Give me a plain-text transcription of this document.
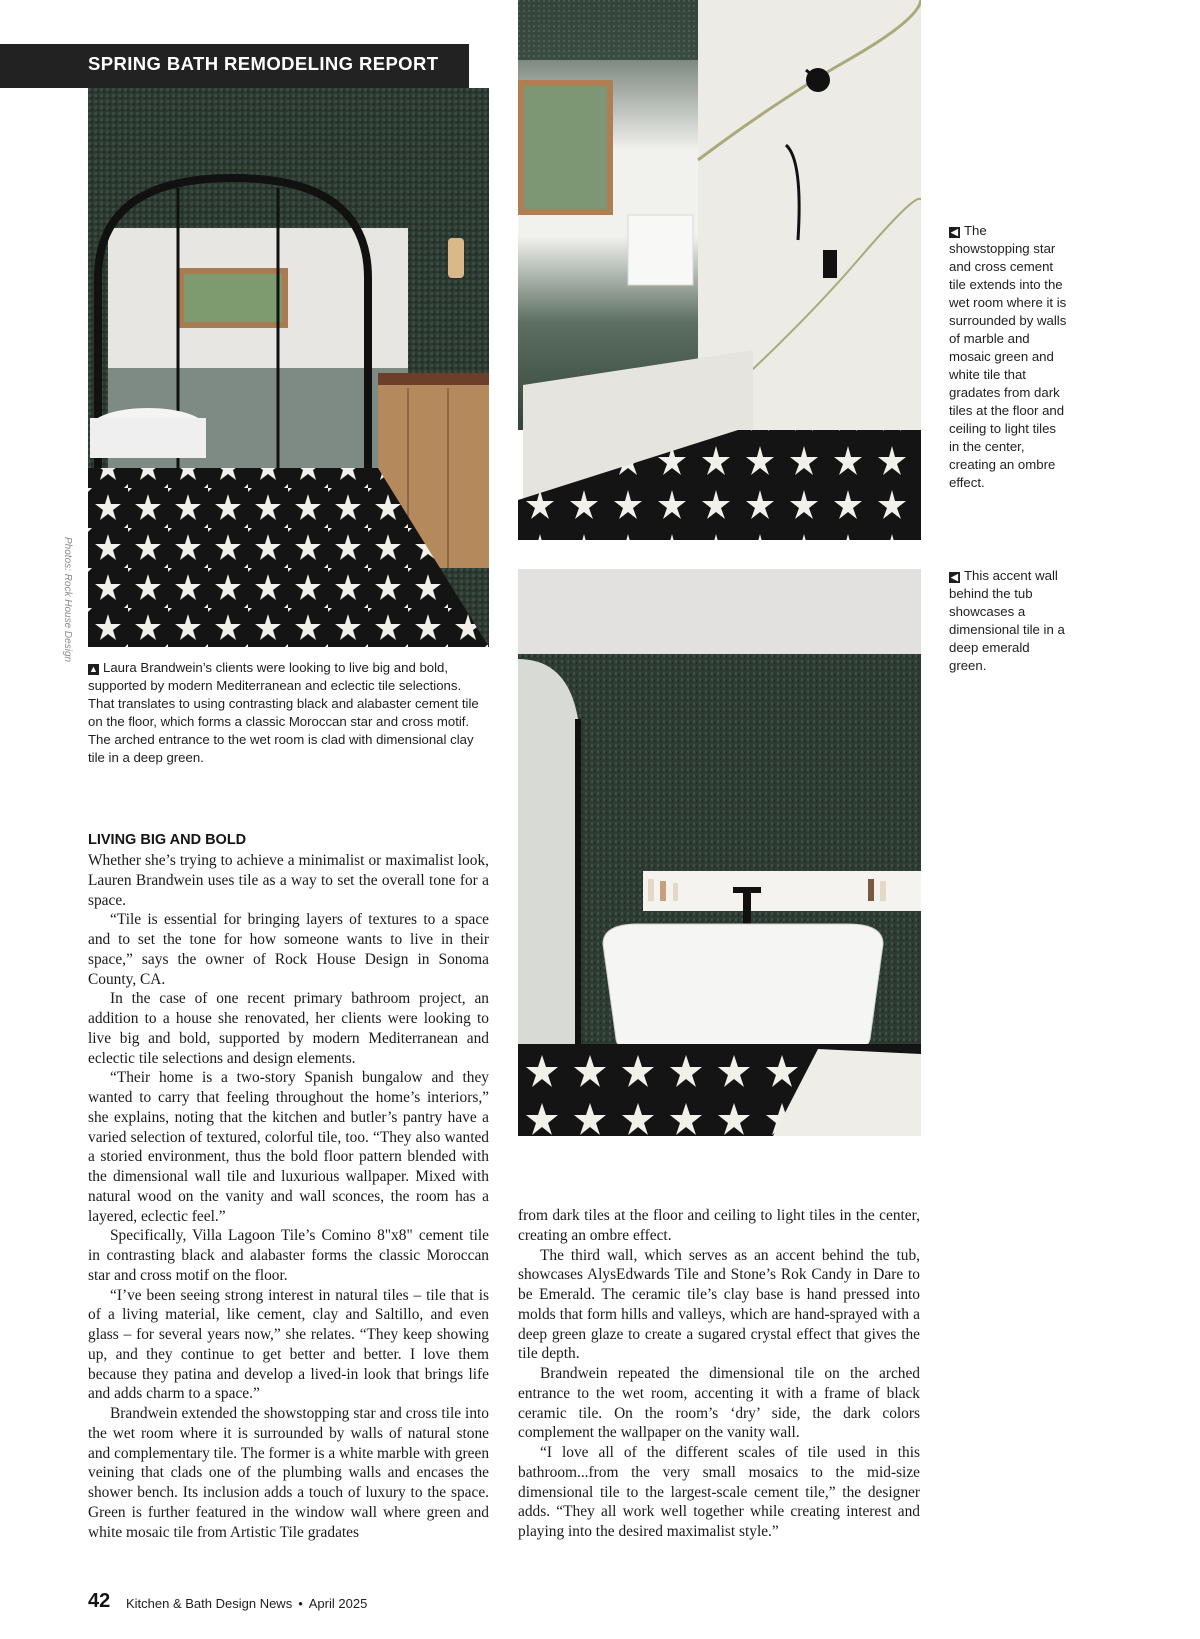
SPRING BATH REMODELING REPORT
Photos: Rock House Design
▲ Laura Brandwein’s clients were looking to live big and bold, supported by modern Mediterranean and eclectic tile selections. That translates to using contrasting black and alabaster cement tile on the floor, which forms a classic Moroccan star and cross motif. The arched entrance to the wet room is clad with dimensional clay tile in a deep green.
◀ The showstopping star and cross cement tile extends into the wet room where it is surrounded by walls of marble and mosaic green and white tile that gradates from dark tiles at the floor and ceiling to light tiles in the center, creating an ombre effect.
◀ This accent wall behind the tub showcases a dimensional tile in a deep emerald green.
LIVING BIG AND BOLD

Whether she’s trying to achieve a minimalist or maximalist look, Lauren Brandwein uses tile as a way to set the overall tone for a space.

“Tile is essential for bringing layers of textures to a space and to set the tone for how someone wants to live in their space,” says the owner of Rock House Design in Sonoma County, CA.

In the case of one recent primary bathroom project, an addition to a house she renovated, her clients were looking to live big and bold, supported by modern Mediterranean and eclectic tile selections and design elements.

“Their home is a two-story Spanish bungalow and they wanted to carry that feeling throughout the home’s interiors,” she explains, noting that the kitchen and butler’s pantry have a varied selection of textured, colorful tile, too. “They also wanted a storied environment, thus the bold floor pattern blended with the dimensional wall tile and luxurious wallpaper. Mixed with natural wood on the vanity and wall sconces, the room has a layered, eclectic feel.”

Specifically, Villa Lagoon Tile’s Comino 8"x8" cement tile in contrasting black and alabaster forms the classic Moroccan star and cross motif on the floor.

“I’ve been seeing strong interest in natural tiles – tile that is of a living material, like cement, clay and Saltillo, and even glass – for several years now,” she relates. “They keep showing up, and they continue to get better and better. I love them because they patina and develop a lived-in look that brings life and adds charm to a space.”

Brandwein extended the showstopping star and cross tile into the wet room where it is surrounded by walls of natural stone and complementary tile. The former is a white marble with green veining that clads one of the plumbing walls and encases the shower bench. Its inclusion adds a touch of luxury to the space. Green is further featured in the window wall where green and white mosaic tile from Artistic Tile gradates

from dark tiles at the floor and ceiling to light tiles in the center, creating an ombre effect.

The third wall, which serves as an accent behind the tub, showcases AlysEdwards Tile and Stone’s Rok Candy in Dare to be Emerald. The ceramic tile’s clay base is hand pressed into molds that form hills and valleys, which are hand-sprayed with a deep green glaze to create a sugared crystal effect that gives the tile depth.

Brandwein repeated the dimensional tile on the arched entrance to the wet room, accenting it with a frame of black ceramic tile. On the room’s ‘dry’ side, the dark colors complement the wallpaper on the vanity wall.

“I love all of the different scales of tile used in this bathroom...from the very small mosaics to the mid-size dimensional tile to the largest-scale cement tile,” the designer adds. “They all work well together while creating interest and playing into the desired maximalist style.”

42 Kitchen & Bath Design News • April 2025
